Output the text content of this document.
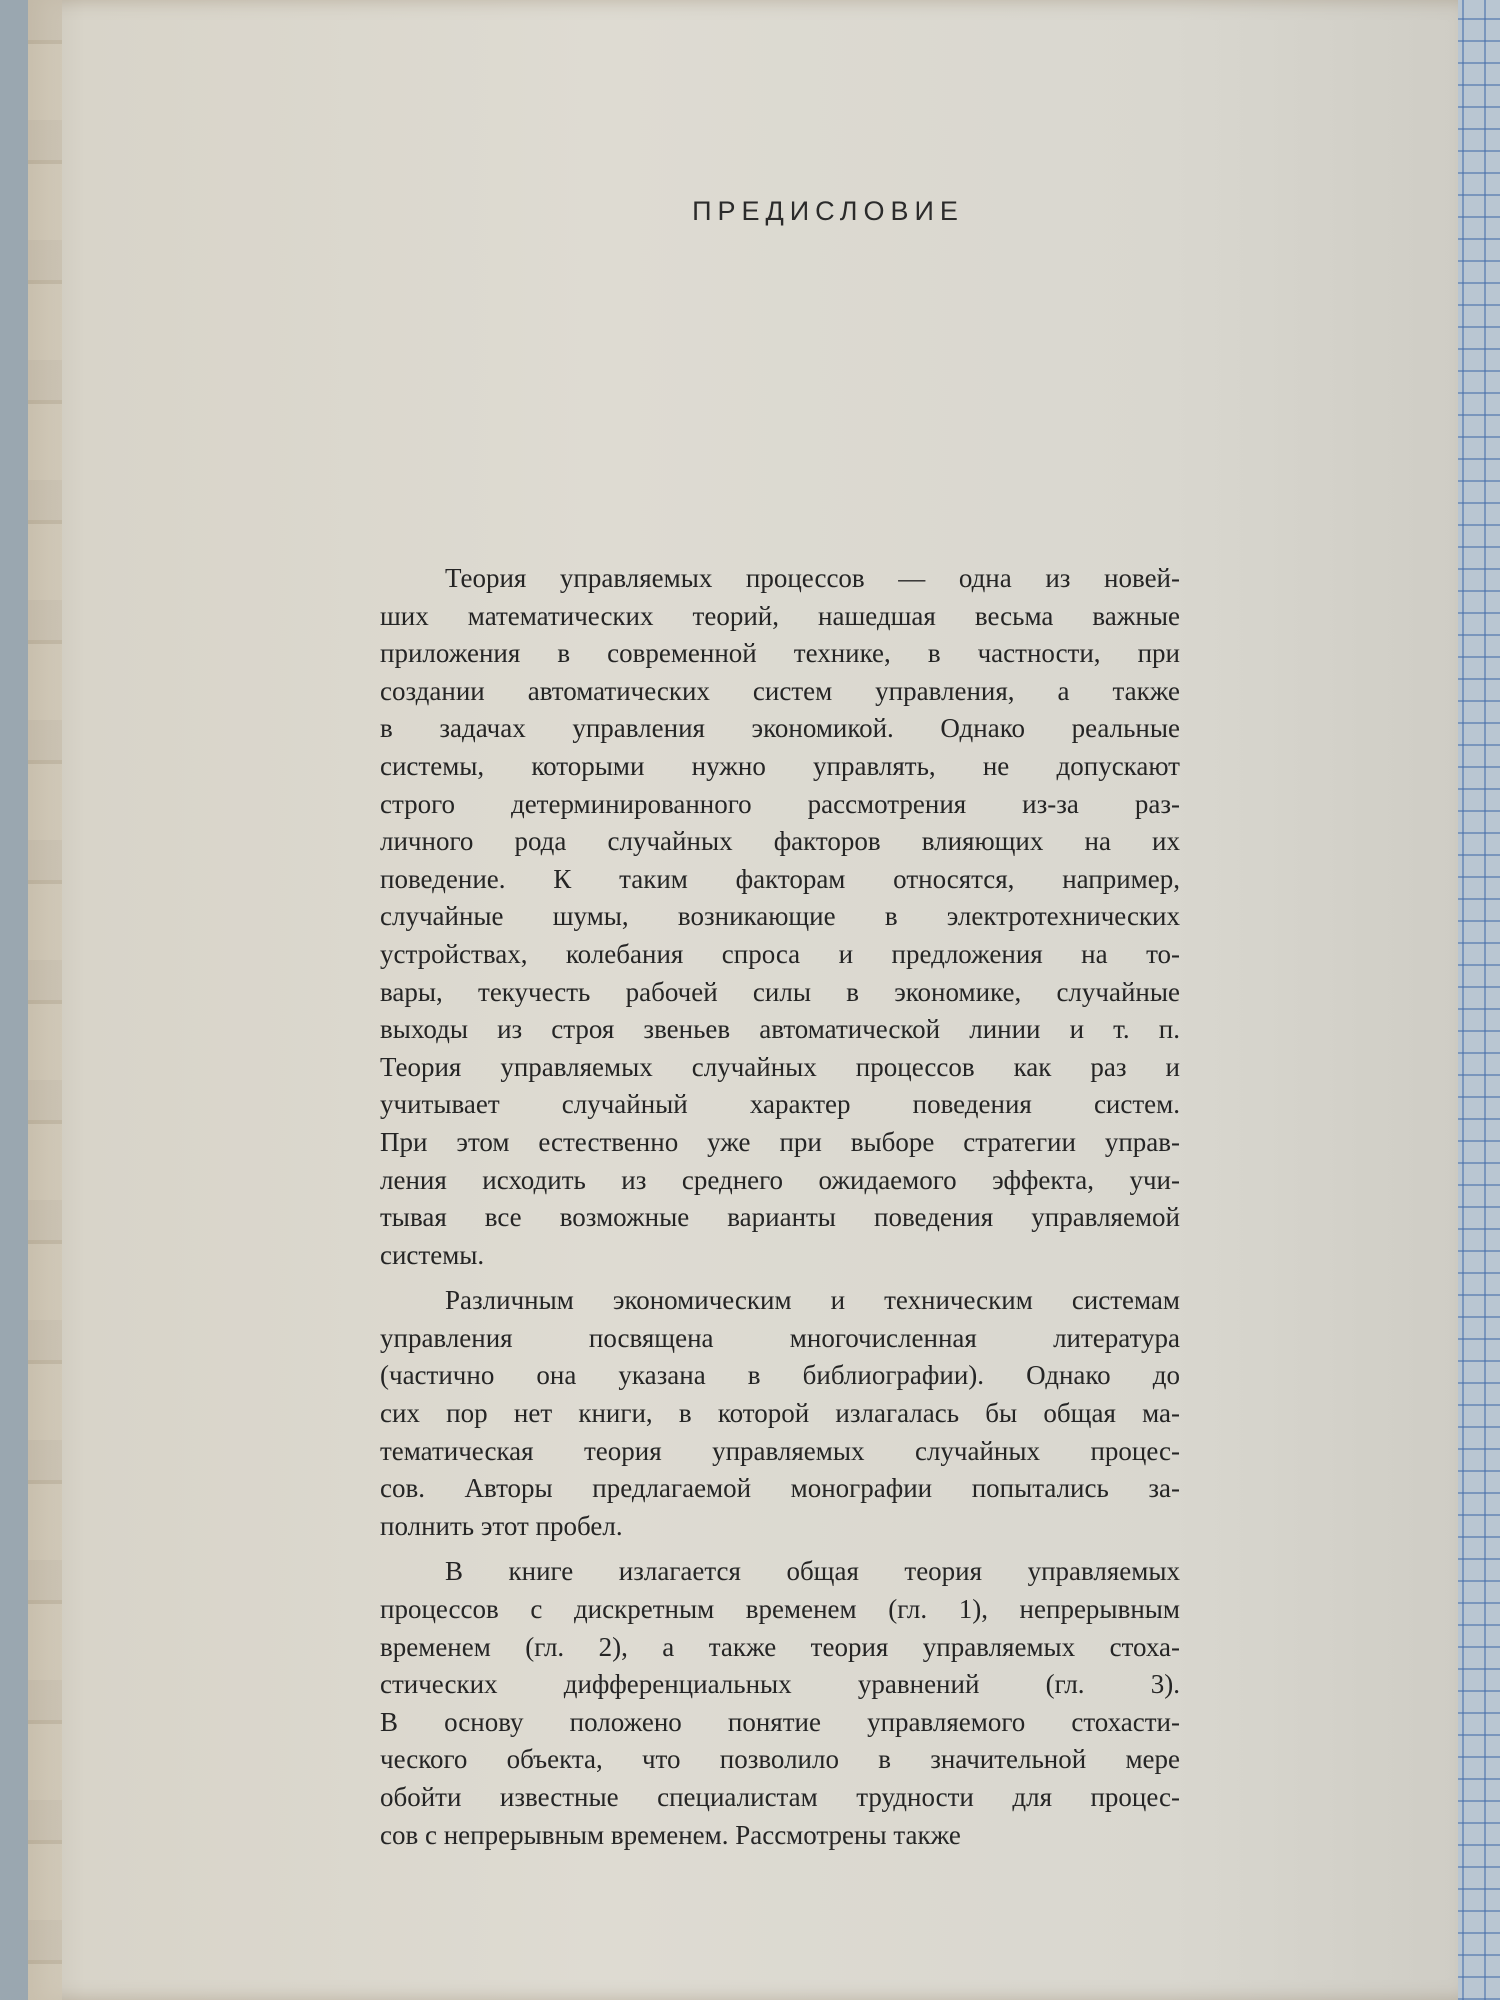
ПРЕДИСЛОВИЕ
Теория управляемых процессов — одна из новей-
ших математических теорий, нашедшая весьма важные
приложения в современной технике, в частности, при
создании автоматических систем управления, а также
в задачах управления экономикой. Однако реальные
системы, которыми нужно управлять, не допускают
строго детерминированного рассмотрения из-за раз-
личного рода случайных факторов влияющих на их
поведение. К таким факторам относятся, например,
случайные шумы, возникающие в электротехнических
устройствах, колебания спроса и предложения на то-
вары, текучесть рабочей силы в экономике, случайные
выходы из строя звеньев автоматической линии и т. п.
Теория управляемых случайных процессов как раз и
учитывает случайный характер поведения систем.
При этом естественно уже при выборе стратегии управ-
ления исходить из среднего ожидаемого эффекта, учи-
тывая все возможные варианты поведения управляемой
системы.
Различным экономическим и техническим системам
управления посвящена многочисленная литература
(частично она указана в библиографии). Однако до
сих пор нет книги, в которой излагалась бы общая ма-
тематическая теория управляемых случайных процес-
сов. Авторы предлагаемой монографии попытались за-
полнить этот пробел.
В книге излагается общая теория управляемых
процессов с дискретным временем (гл. 1), непрерывным
временем (гл. 2), а также теория управляемых стоха-
стических дифференциальных уравнений (гл. 3).
В основу положено понятие управляемого стохасти-
ческого объекта, что позволило в значительной мере
обойти известные специалистам трудности для процес-
сов с непрерывным временем. Рассмотрены также
